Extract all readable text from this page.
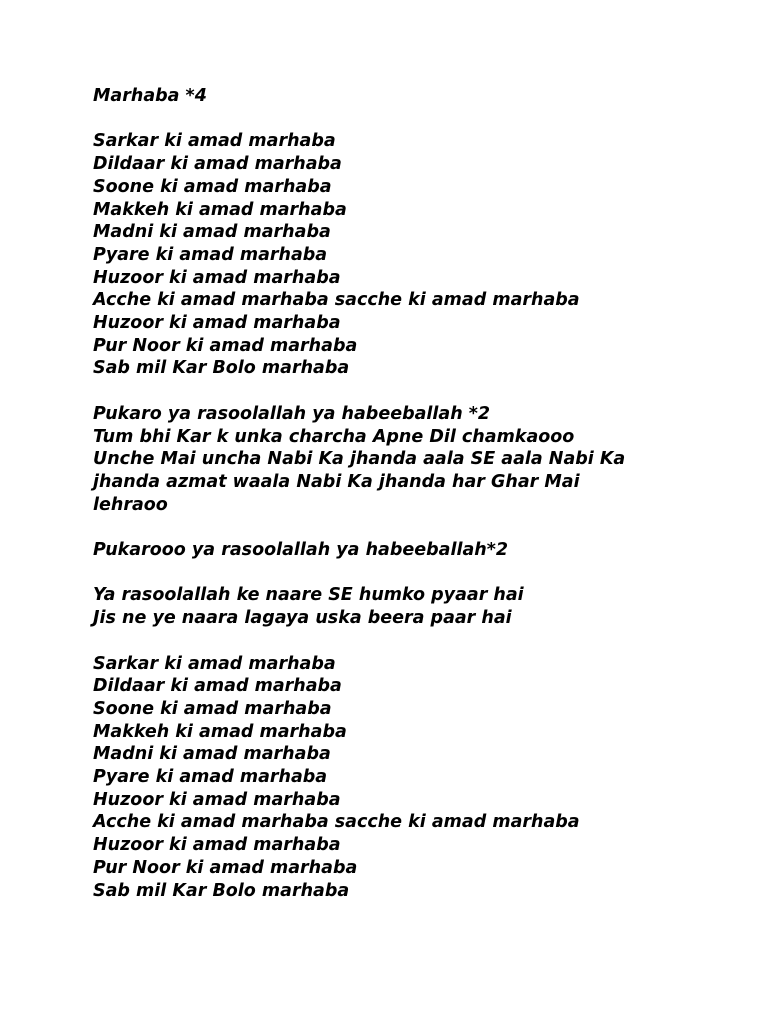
Marhaba *4
Sarkar ki amad marhaba
Dildaar ki amad marhaba
Soone ki amad marhaba
Makkeh ki amad marhaba
Madni ki amad marhaba
Pyare ki amad marhaba
Huzoor ki amad marhaba
Acche ki amad marhaba sacche ki amad marhaba
Huzoor ki amad marhaba
Pur Noor ki amad marhaba
Sab mil Kar Bolo marhaba
Pukaro ya rasoolallah ya habeeballah *2
Tum bhi Kar k unka charcha Apne Dil chamkaooo
Unche Mai uncha Nabi Ka jhanda aala SE aala Nabi Ka jhanda azmat waala Nabi Ka jhanda har Ghar Mai lehraoo
Pukarooo ya rasoolallah ya habeeballah*2
Ya rasoolallah ke naare SE humko pyaar hai
Jis ne ye naara lagaya uska beera paar hai
Sarkar ki amad marhaba
Dildaar ki amad marhaba
Soone ki amad marhaba
Makkeh ki amad marhaba
Madni ki amad marhaba
Pyare ki amad marhaba
Huzoor ki amad marhaba
Acche ki amad marhaba sacche ki amad marhaba
Huzoor ki amad marhaba
Pur Noor ki amad marhaba
Sab mil Kar Bolo marhaba
